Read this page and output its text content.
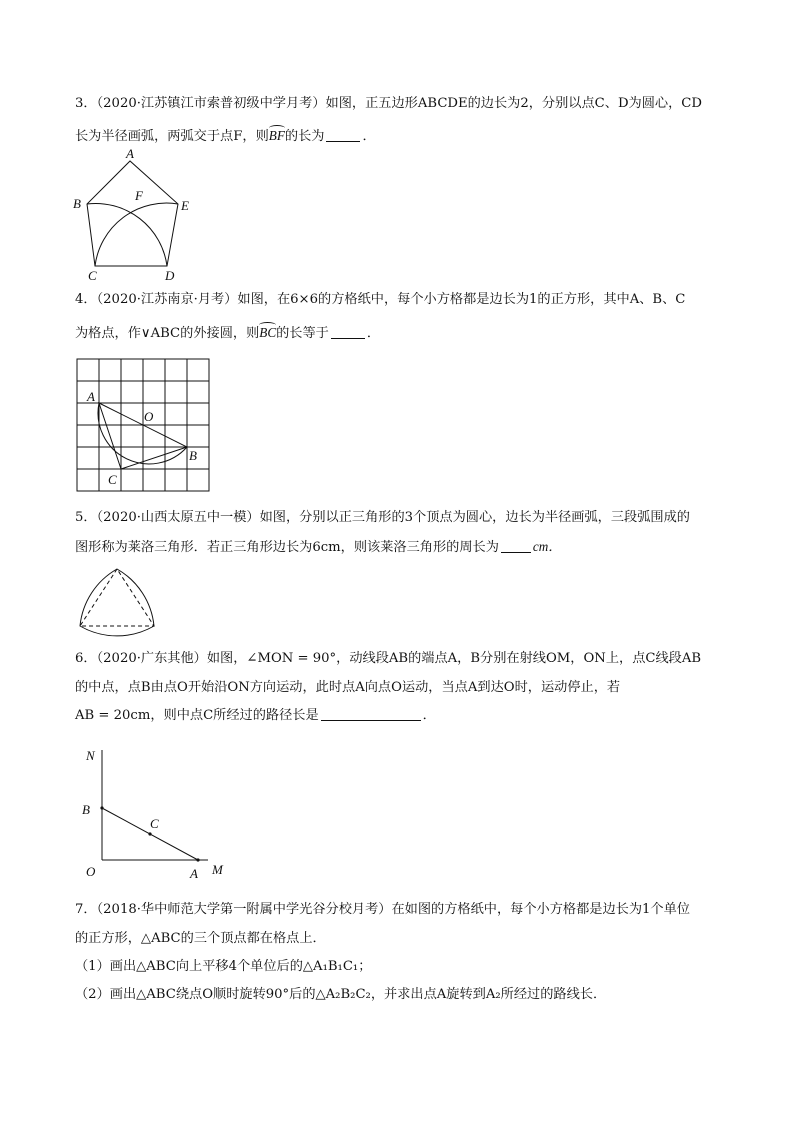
3．（2020·江苏镇江市索普初级中学月考）如图，正五边形ABCDE的边长为2，分别以点C、D为圆心，CD
长为半径画弧，两弧交于点F，则BF的长为	．
A
B
F
E
C	D
4．（2020·江苏南京·月考）如图，在6×6的方格纸中，每个小方格都是边长为1的正方形，其中A、B、C
为格点，作∨ABC的外接圆，则BC的长等于	．
A
O
B
C
5．（2020·山西太原五中一模）如图，分别以正三角形的3个顶点为圆心，边长为半径画弧，三段弧围成的
图形称为莱洛三角形．若正三角形边长为6cm，则该莱洛三角形的周长为	cm．
6．（2020·广东其他）如图，∠MON = 90°，动线段AB的端点A，B分别在射线OM，ON上，点C线段AB
的中点，点B由点O开始沿ON方向运动，此时点A向点O运动，当点A到达O时，运动停止，若
AB = 20cm，则中点C所经过的路径长是	．
N
B
C
O	A M
7．（2018·华中师范大学第一附属中学光谷分校月考）在如图的方格纸中，每个小方格都是边长为1个单位
的正方形，△ABC的三个顶点都在格点上．
（1）画出△ABC向上平移4个单位后的△A₁B₁C₁；
（2）画出△ABC绕点O顺时旋转90°后的△A₂B₂C₂，并求出点A旋转到A₂所经过的路线长．
